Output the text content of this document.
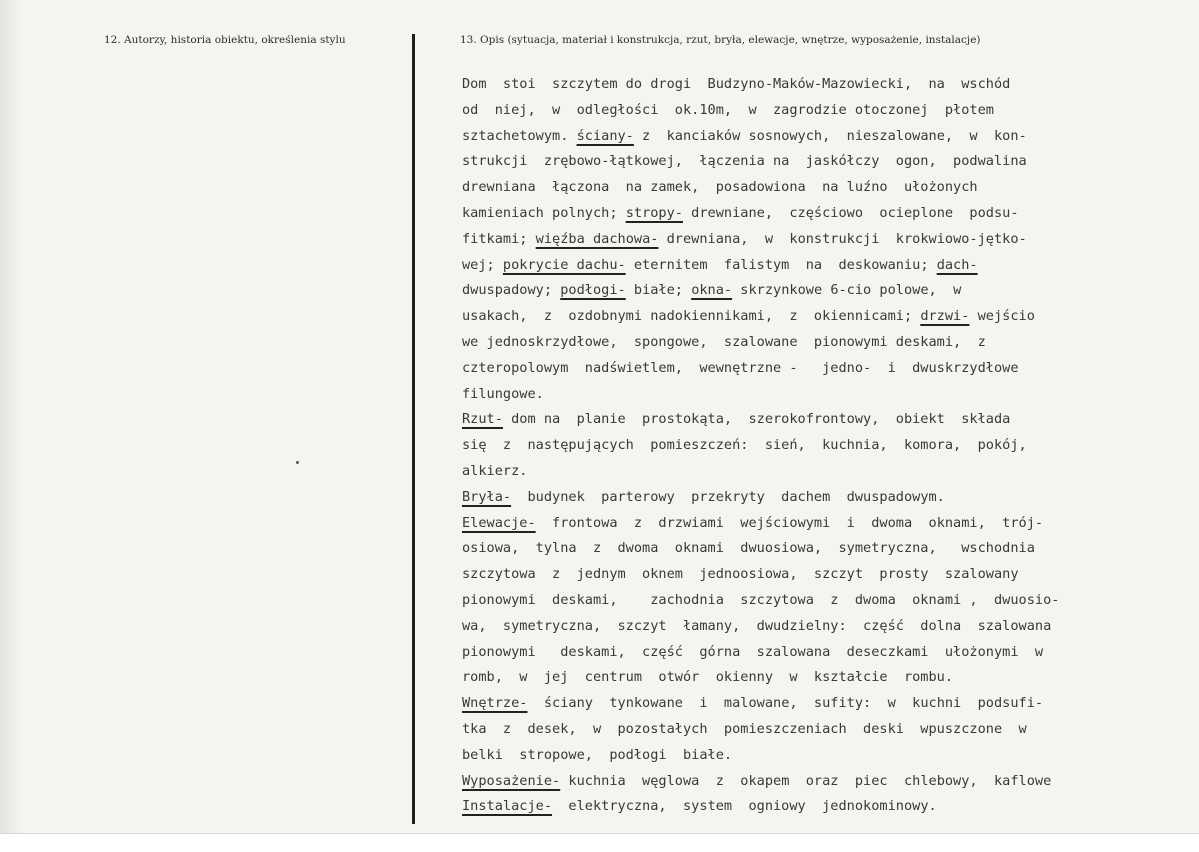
12. Autorzy, historia obiektu, określenia stylu	13. Opis (sytuacja, materiał i konstrukcja, rzut, bryła, elewacje, wnętrze, wyposażenie, instalacje)
Dom  stoi  szczytem do drogi  Budzyno-Maków-Mazowiecki,  na  wschód
od  niej,  w  odległości  ok.10m,  w  zagrodzie otoczonej  płotem
sztachetowym. ściany- z  kanciaków sosnowych,  nieszalowane,  w  kon-
strukcji  zrębowo-łątkowej,  łączenia na  jaskółczy  ogon,  podwalina
drewniana  łączona  na zamek,  posadowiona  na luźno  ułożonych
kamieniach polnych; stropy- drewniane,  częściowo  ocieplone  podsu-
fitkami; więźba dachowa- drewniana,  w  konstrukcji  krokwiowo-jętko-
wej; pokrycie dachu- eternitem  falistym  na  deskowaniu; dach-
dwuspadowy; podłogi- białe; okna- skrzynkowe 6-cio polowe,  w
usakach,  z  ozdobnymi nadokiennikami,  z  okiennicami; drzwi- wejścio
we jednoskrzydłowe,  spongowe,  szalowane  pionowymi deskami,  z
czteropolowym  nadświetlem,  wewnętrzne -   jedno-  i  dwuskrzydłowe
filungowe.
Rzut- dom na  planie  prostokąta,  szerokofrontowy,  obiekt  składa
się  z  następujących  pomieszczeń:  sień,  kuchnia,  komora,  pokój,
alkierz.
Bryła-  budynek  parterowy  przekryty  dachem  dwuspadowym.
Elewacje-  frontowa  z  drzwiami  wejściowymi  i  dwoma  oknami,  trój-
osiowa,  tylna  z  dwoma  oknami  dwuosiowa,  symetryczna,   wschodnia
szczytowa  z  jednym  oknem  jednoosiowa,  szczyt  prosty  szalowany
pionowymi  deskami,    zachodnia  szczytowa  z  dwoma  oknami ,  dwuosio-
wa,  symetryczna,  szczyt  łamany,  dwudzielny:  część  dolna  szalowana
pionowymi   deskami,  część  górna  szalowana  deseczkami  ułożonymi  w
romb,  w  jej  centrum  otwór  okienny  w  kształcie  rombu.
Wnętrze-  ściany  tynkowane  i  malowane,  sufity:  w  kuchni  podsufi-
tka  z  desek,  w  pozostałych  pomieszczeniach  deski  wpuszczone  w
belki  stropowe,  podłogi  białe.
Wyposażenie- kuchnia  węglowa  z  okapem  oraz  piec  chlebowy,  kaflowe
Instalacje-  elektryczna,  system  ogniowy  jednokominowy.
